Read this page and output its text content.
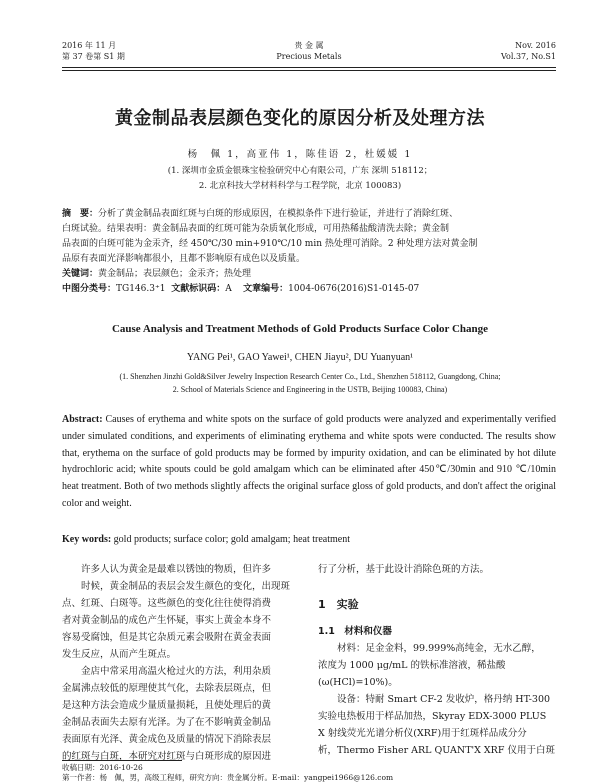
2016 年 11 月
第 37 卷第 S1 期
贵 金 属
Precious Metals
Nov. 2016
Vol.37, No.S1
黄金制品表层颜色变化的原因分析及处理方法
杨　佩 1，高亚伟 1，陈佳语 2，杜媛媛 1
(1. 深圳市金质金银珠宝检验研究中心有限公司，广东 深圳 518112；
2. 北京科技大学材料科学与工程学院，北京 100083)
摘　要：分析了黄金制品表面红斑与白斑的形成原因，在模拟条件下进行验证，并进行了消除红斑、
白斑试验。结果表明：黄金制品表面的红斑可能为杂质氧化形成，可用热稀盐酸清洗去除；黄金制
品表面的白斑可能为金汞齐，经 450℃/30 min+910℃/10 min 热处理可消除。2 种处理方法对黄金制
品原有表面光泽影响都很小，且都不影响原有成色以及质量。
关键词：黄金制品；表层颜色；金汞齐；热处理
中图分类号：TG146.3⁺1 文献标识码：A 文章编号：1004-0676(2016)S1-0145-07
Cause Analysis and Treatment Methods of Gold Products Surface Color Change
YANG Pei¹, GAO Yawei¹, CHEN Jiayu², DU Yuanyuan¹
(1. Shenzhen Jinzhi Gold&Silver Jewelry Inspection Research Center Co., Ltd., Shenzhen 518112, Guangdong, China;
2. School of Materials Science and Engineering in the USTB, Beijing 100083, China)
Abstract: Causes of erythema and white spots on the surface of gold products were analyzed and experimentally verified under simulated conditions, and experiments of eliminating erythema and white spots were conducted. The results show that, erythema on the surface of gold products may be formed by impurity oxidation, and can be eliminated by hot dilute hydrochloric acid; white spouts could be gold amalgam which can be eliminated after 450℃/30min and 910 ℃/10min heat treatment. Both of two methods slightly affects the original surface gloss of gold products, and don't affect the original color and weight.
Key words: gold products; surface color; gold amalgam; heat treatment
许多人认为黄金是最难以锈蚀的物质，但许多
时候，黄金制品的表层会发生颜色的变化，出现斑
点、红斑、白斑等。这些颜色的变化往往使得消费
者对黄金制品的成色产生怀疑，事实上黄金本身不
容易受腐蚀，但是其它杂质元素会吸附在黄金表面
发生反应，从而产生斑点。
金店中常采用高温火枪过火的方法，利用杂质
金属沸点较低的原理使其气化，去除表层斑点，但
是这种方法会造成少量质量损耗，且使处理后的黄
金制品表面失去原有光泽。为了在不影响黄金制品
表面原有光泽、黄金成色及质量的情况下消除表层
的红斑与白斑，本研究对红斑与白斑形成的原因进
行了分析，基于此设计消除色斑的方法。
1　实验
1.1　材料和仪器
材料：足金金料，99.999%高纯金，无水乙醇，
浓度为 1000 μg/mL 的铁标准溶液，稀盐酸
(ω(HCl)=10%)。
设备：特耐 Smart CF-2 发收炉，格丹纳 HT-300
实验电热板用于样品加热，Skyray EDX-3000 PLUS
X 射线荧光光谱分析仪(XRF)用于红斑样品成分分
析，Thermo Fisher ARL QUANT'X XRF 仪用于白斑
收稿日期：2016-10-26
第一作者：杨　佩，男，高级工程师，研究方向：贵金属分析。E-mail：yangpei1966@126.com
